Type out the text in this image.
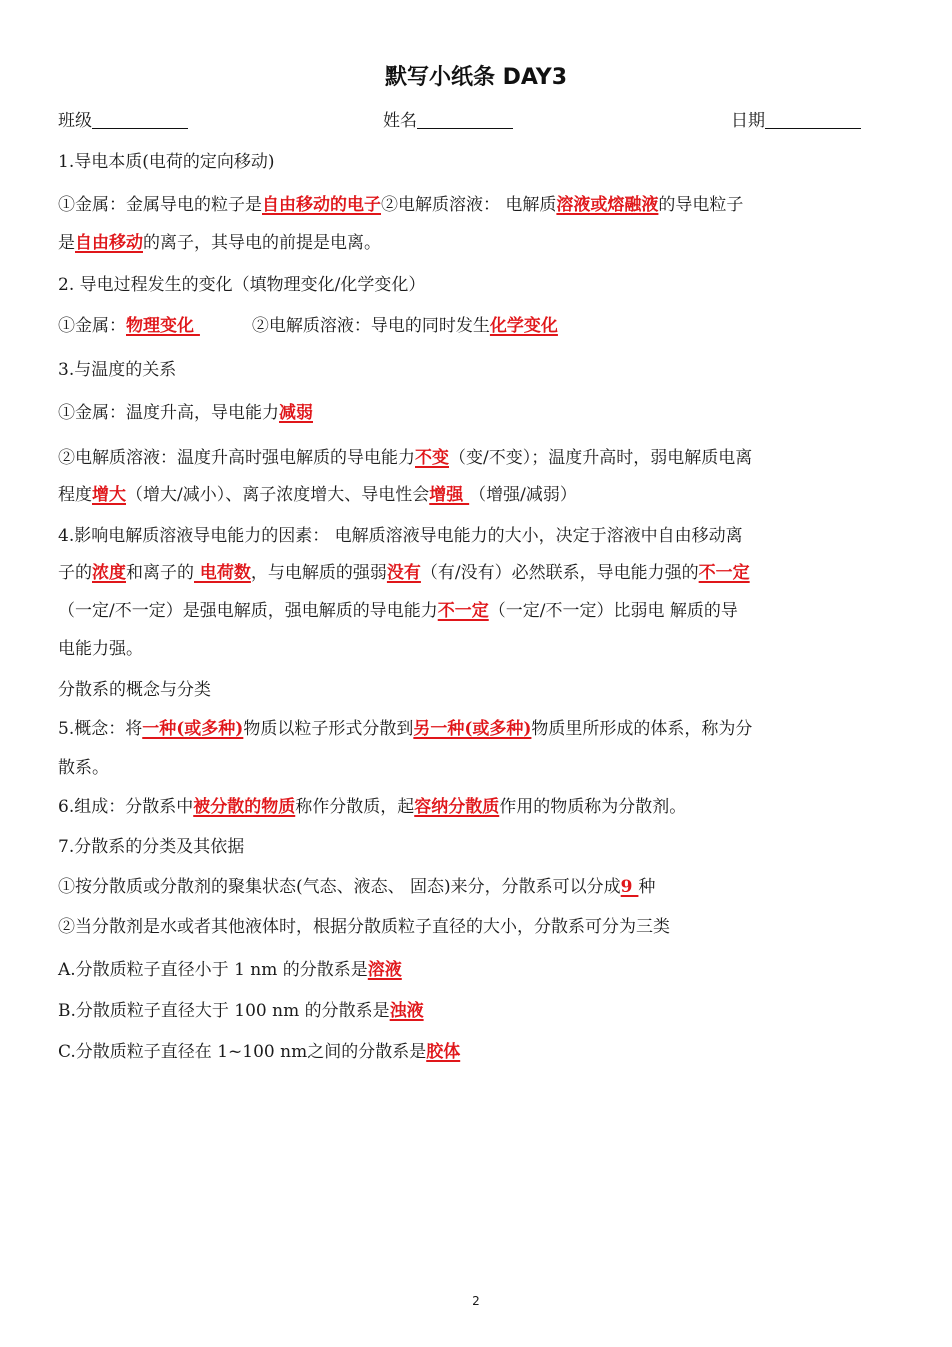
默写小纸条 DAY3
班级	姓名	日期
1.导电本质(电荷的定向移动)
①金属：金属导电的粒子是自由移动的电子②电解质溶液： 电解质溶液或熔融液的导电粒子
是自由移动的离子，其导电的前提是电离。
2. 导电过程发生的变化（填物理变化/化学变化）
①金属：物理变化	②电解质溶液：导电的同时发生化学变化
3.与温度的关系
①金属：温度升高，导电能力减弱
②电解质溶液：温度升高时强电解质的导电能力不变（变/不变）；温度升高时，弱电解质电离
程度增大（增大/减小）、离子浓度增大、导电性会增强 （增强/减弱）
4.影响电解质溶液导电能力的因素： 电解质溶液导电能力的大小，决定于溶液中自由移动离
子的浓度和离子的 电荷数，与电解质的强弱没有（有/没有）必然联系，导电能力强的不一定
（一定/不一定）是强电解质，强电解质的导电能力不一定（一定/不一定）比弱电 解质的导
电能力强。
分散系的概念与分类
5.概念：将一种(或多种)物质以粒子形式分散到另一种(或多种)物质里所形成的体系，称为分
散系。
6.组成：分散系中被分散的物质称作分散质，起容纳分散质作用的物质称为分散剂。
7.分散系的分类及其依据
①按分散质或分散剂的聚集状态(气态、液态、 固态)来分，分散系可以分成9 种
②当分散剂是水或者其他液体时，根据分散质粒子直径的大小，分散系可分为三类
A.分散质粒子直径小于 1 nm 的分散系是溶液
B.分散质粒子直径大于 100 nm 的分散系是浊液
C.分散质粒子直径在 1~100 nm之间的分散系是胶体
2
